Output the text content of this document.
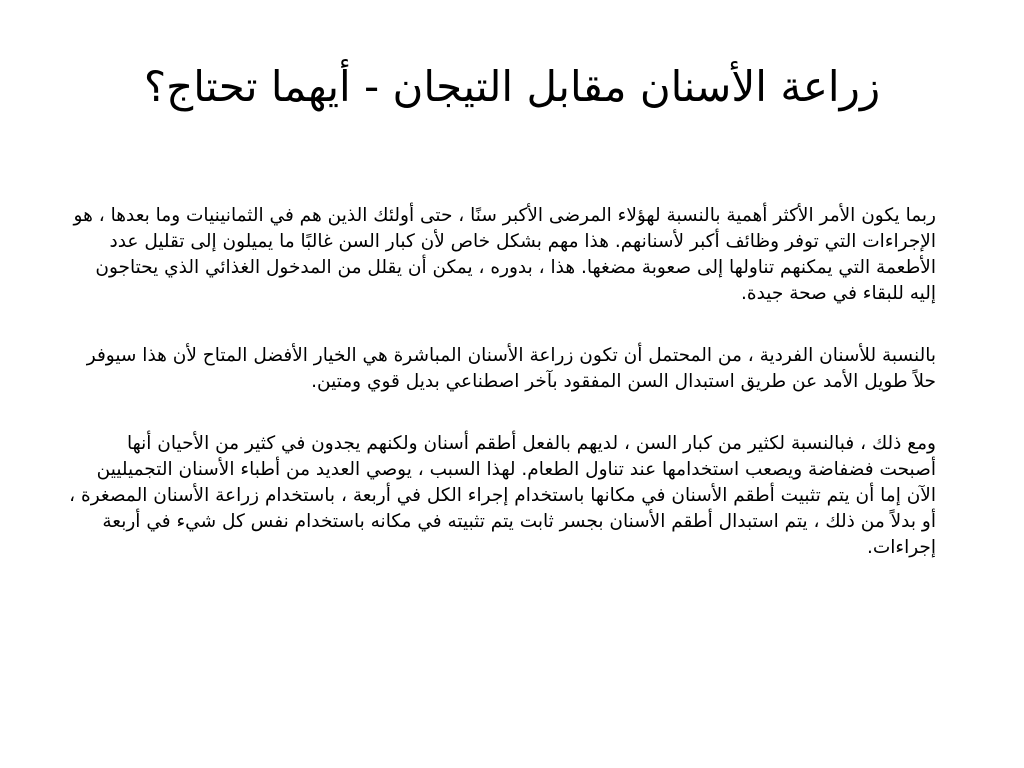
زراعة الأسنان مقابل التيجان - أيهما تحتاج؟

ربما يكون الأمر الأكثر أهمية بالنسبة لهؤلاء المرضى الأكبر سنًا ، حتى أولئك الذين هم في الثمانينيات وما بعدها ، هو الإجراءات التي توفر وظائف أكبر لأسنانهم. هذا مهم بشكل خاص لأن كبار السن غالبًا ما يميلون إلى تقليل عدد الأطعمة التي يمكنهم تناولها إلى صعوبة مضغها. هذا ، بدوره ، يمكن أن يقلل من المدخول الغذائي الذي يحتاجون إليه للبقاء في صحة جيدة.

بالنسبة للأسنان الفردية ، من المحتمل أن تكون زراعة الأسنان المباشرة هي الخيار الأفضل المتاح لأن هذا سيوفر حلاً طويل الأمد عن طريق استبدال السن المفقود بآخر اصطناعي بديل قوي ومتين.

ومع ذلك ، فبالنسبة لكثير من كبار السن ، لديهم بالفعل أطقم أسنان ولكنهم يجدون في كثير من الأحيان أنها أصبحت فضفاضة ويصعب استخدامها عند تناول الطعام. لهذا السبب ، يوصي العديد من أطباء الأسنان التجميليين الآن إما أن يتم تثبيت أطقم الأسنان في مكانها باستخدام إجراء الكل في أربعة ، باستخدام زراعة الأسنان المصغرة ، أو بدلاً من ذلك ، يتم استبدال أطقم الأسنان بجسر ثابت يتم تثبيته في مكانه باستخدام نفس كل شيء في أربعة إجراءات.
